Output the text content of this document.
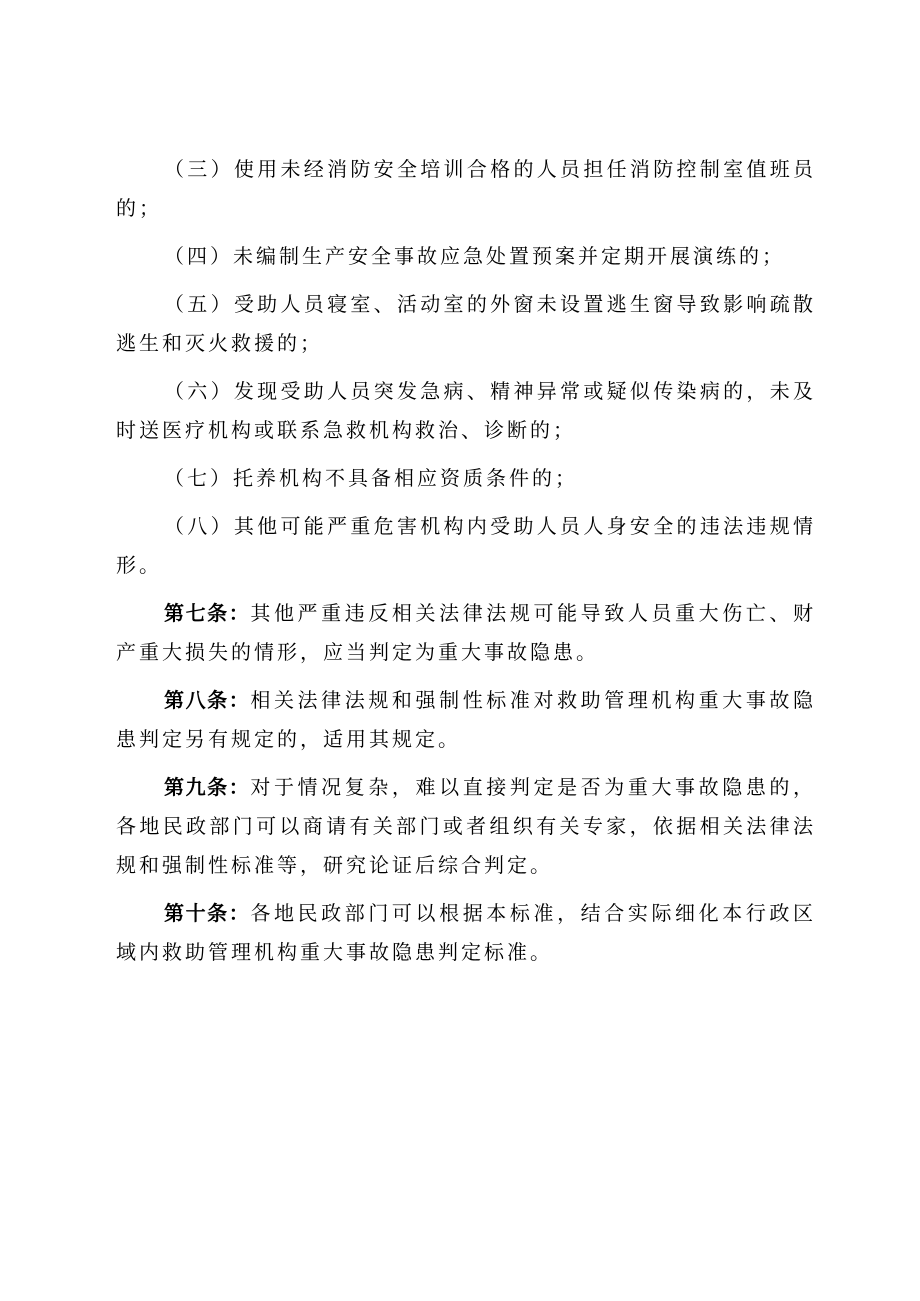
（三）使用未经消防安全培训合格的人员担任消防控制室值班员的；

（四）未编制生产安全事故应急处置预案并定期开展演练的；

（五）受助人员寝室、活动室的外窗未设置逃生窗导致影响疏散逃生和灭火救援的；

（六）发现受助人员突发急病、精神异常或疑似传染病的，未及时送医疗机构或联系急救机构救治、诊断的；

（七）托养机构不具备相应资质条件的；

（八）其他可能严重危害机构内受助人员人身安全的违法违规情形。

第七条：其他严重违反相关法律法规可能导致人员重大伤亡、财产重大损失的情形，应当判定为重大事故隐患。

第八条：相关法律法规和强制性标准对救助管理机构重大事故隐患判定另有规定的，适用其规定。

第九条：对于情况复杂，难以直接判定是否为重大事故隐患的，各地民政部门可以商请有关部门或者组织有关专家，依据相关法律法规和强制性标准等，研究论证后综合判定。

第十条：各地民政部门可以根据本标准，结合实际细化本行政区域内救助管理机构重大事故隐患判定标准。
